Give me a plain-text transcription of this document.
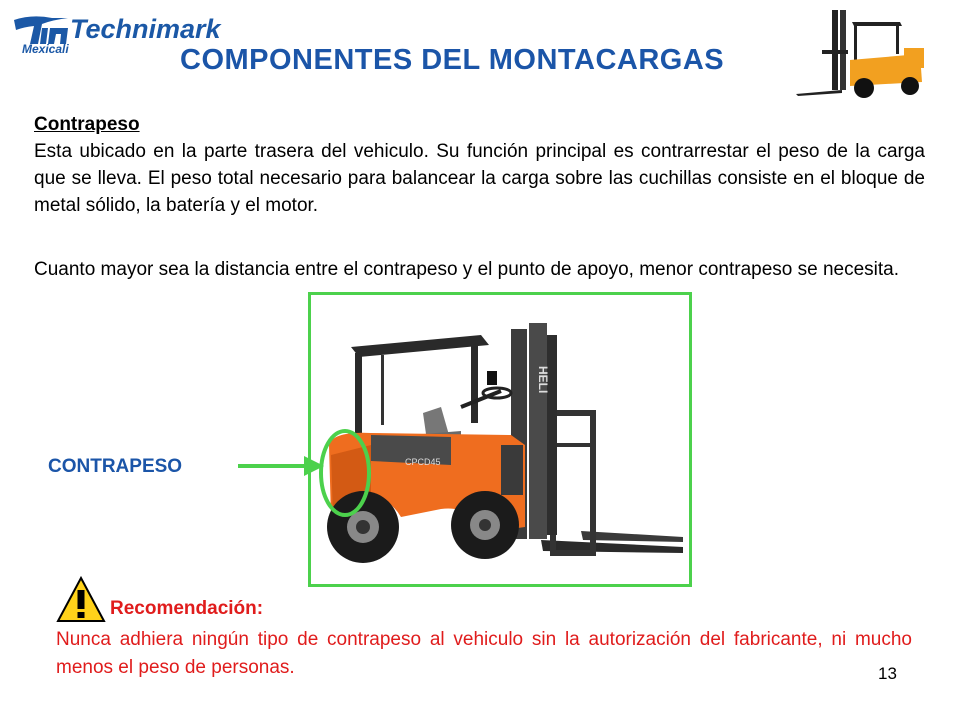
Technimark
Mexicali	COMPONENTES DEL MONTACARGAS
Contrapeso

Esta ubicado en la parte trasera del vehiculo. Su función principal es contrarrestar el peso de la carga que se lleva. El peso total necesario para balancear la carga sobre las cuchillas consiste en el bloque de metal sólido, la batería y el motor.

Cuanto mayor sea la distancia entre el contrapeso y el punto de apoyo, menor contrapeso se necesita.

HELI
CPCD45
CONTRAPESO
Recomendación:

Nunca adhiera ningún tipo de contrapeso al vehiculo sin la autorización del fabricante, ni mucho menos el peso de personas.	13
